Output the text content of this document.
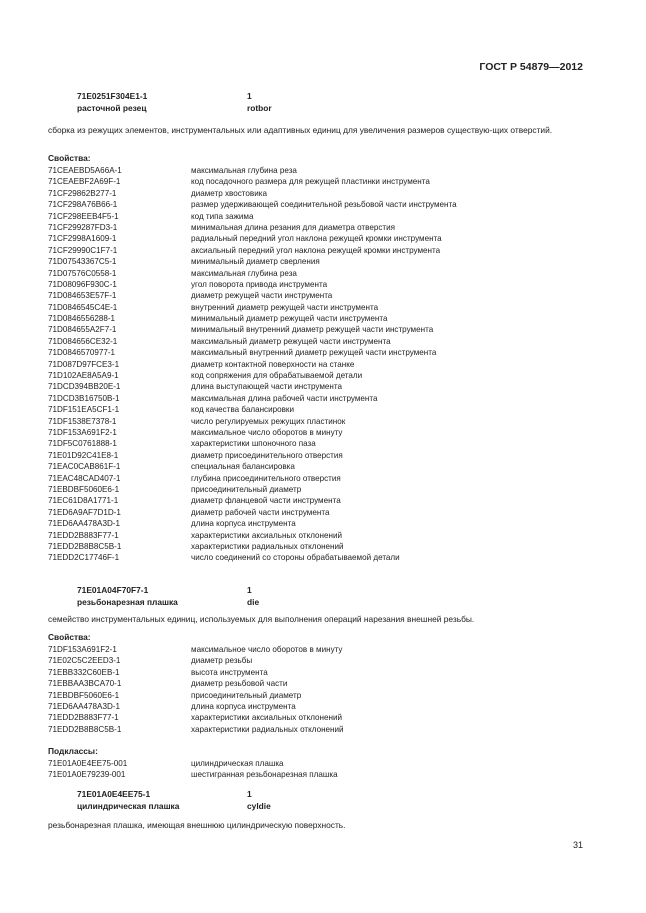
ГОСТ Р 54879—2012
71E0251F304E1-1	1
расточной резец	rotbor
сборка из режущих элементов, инструментальных или адаптивных единиц для увеличения размеров существую-щих отверстий.
Свойства:
71CEAEBD5A66A-1	максимальная глубина реза
71CEAEBF2A69F-1	код посадочного размера для режущей пластинки инструмента
71CF29862B277-1	диаметр хвостовика
71CF298A76B66-1	размер удерживающей соединительной резьбовой части инструмента
71CF298EEB4F5-1	код типа зажима
71CF299287FD3-1	минимальная длина резания для диаметра отверстия
71CF2998A1609-1	радиальный передний угол наклона режущей кромки инструмента
71CF29990C1F7-1	аксиальный передний угол наклона режущей кромки инструмента
71D07543367C5-1	минимальный диаметр сверления
71D07576C0558-1	максимальная глубина реза
71D08096F930C-1	угол поворота привода инструмента
71D084653E57F-1	диаметр режущей части инструмента
71D0846545C4E-1	внутренний диаметр режущей части инструмента
71D0846556288-1	минимальный диаметр режущей части инструмента
71D084655A2F7-1	минимальный внутренний диаметр режущей части инструмента
71D084656CE32-1	максимальный диаметр режущей части инструмента
71D0846570977-1	максимальный внутренний диаметр режущей части инструмента
71D087D97FCE3-1	диаметр контактной поверхности на станке
71D102AE8A5A9-1	код сопряжения для обрабатываемой детали
71DCD394BB20E-1	длина выступающей части инструмента
71DCD3B16750B-1	максимальная длина рабочей части инструмента
71DF151EA5CF1-1	код качества балансировки
71DF1538E7378-1	число регулируемых режущих пластинок
71DF153A691F2-1	максимальное число оборотов в минуту
71DF5C0761888-1	характеристики шпоночного паза
71E01D92C41E8-1	диаметр присоединительного отверстия
71EAC0CAB861F-1	специальная балансировка
71EAC48CAD407-1	глубина присоединительного отверстия
71EBDBF5060E6-1	присоединительный диаметр
71EC61D8A1771-1	диаметр фланцевой части инструмента
71ED6A9AF7D1D-1	диаметр рабочей части инструмента
71ED6AA478A3D-1	длина корпуса инструмента
71EDD2B883F77-1	характеристики аксиальных отклонений
71EDD2B8B8C5B-1	характеристики радиальных отклонений
71EDD2C17746F-1	число соединений со стороны обрабатываемой детали
71E01A04F70F7-1	1
резьбонарезная плашка	die
семейство инструментальных единиц, используемых для выполнения операций нарезания внешней резьбы.
Свойства:
71DF153A691F2-1	максимальное число оборотов в минуту
71E02C5C2EED3-1	диаметр резьбы
71EBB332C60EB-1	высота инструмента
71EBBAA3BCA70-1	диаметр резьбовой части
71EBDBF5060E6-1	присоединительный диаметр
71ED6AA478A3D-1	длина корпуса инструмента
71EDD2B883F77-1	характеристики аксиальных отклонений
71EDD2B8B8C5B-1	характеристики радиальных отклонений
Подклассы:
71E01A0E4EE75-001	цилиндрическая плашка
71E01A0E79239-001	шестигранная резьбонарезная плашка
71E01A0E4EE75-1	1
цилиндрическая плашка	cyldie
резьбонарезная плашка, имеющая внешнюю цилиндрическую поверхность.
31
